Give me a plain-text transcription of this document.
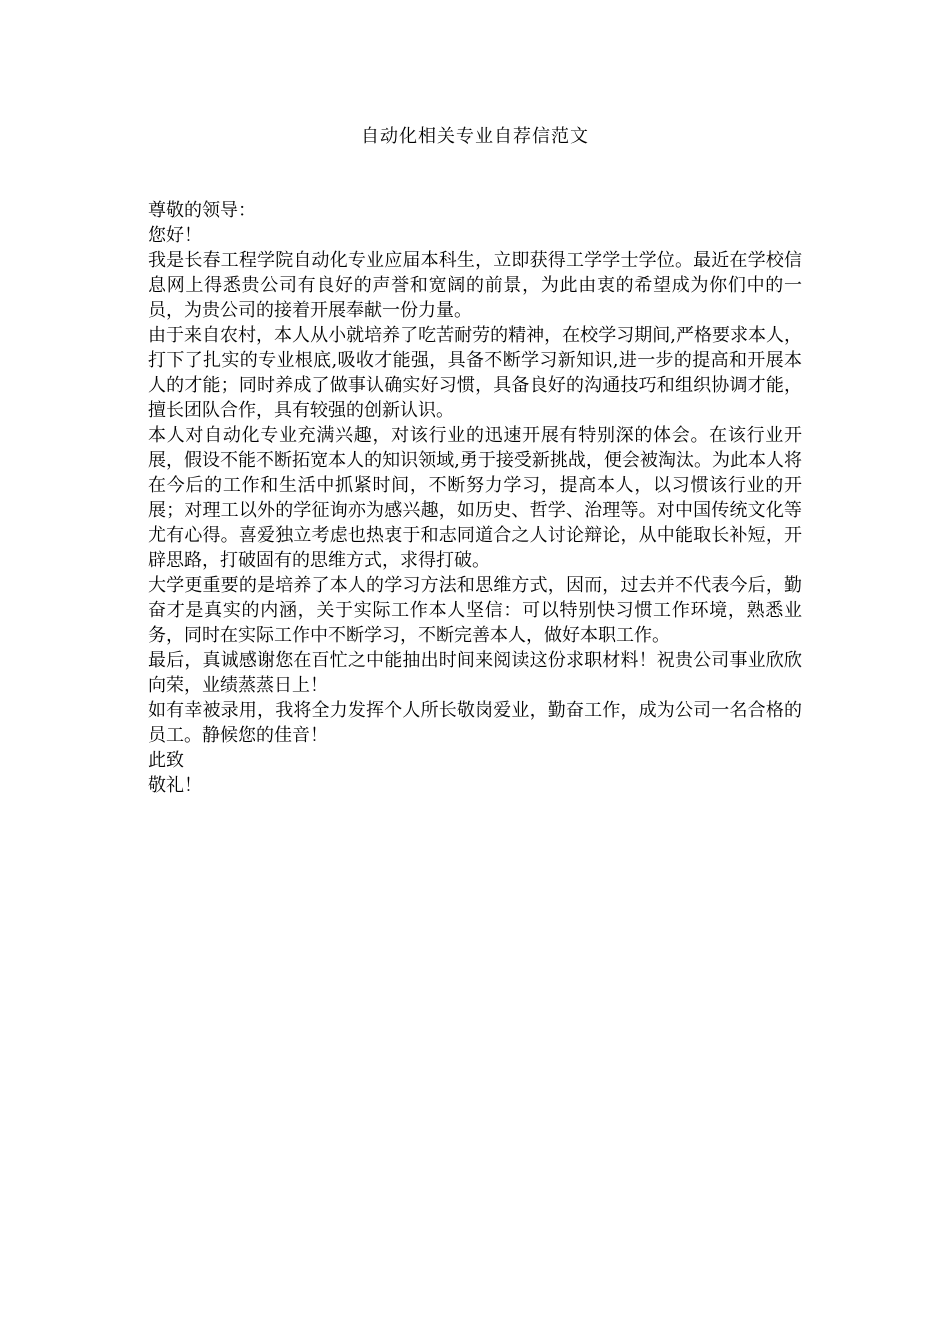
自动化相关专业自荐信范文

尊敬的领导：

您好！

我是长春工程学院自动化专业应届本科生，立即获得工学学士学位。最近在学校信息网上得悉贵公司有良好的声誉和宽阔的前景，为此由衷的希望成为你们中的一员，为贵公司的接着开展奉献一份力量。

由于来自农村，本人从小就培养了吃苦耐劳的精神，在校学习期间,严格要求本人，打下了扎实的专业根底,吸收才能强，具备不断学习新知识,进一步的提高和开展本人的才能；同时养成了做事认确实好习惯，具备良好的沟通技巧和组织协调才能，擅长团队合作，具有较强的创新认识。

本人对自动化专业充满兴趣，对该行业的迅速开展有特别深的体会。在该行业开展，假设不能不断拓宽本人的知识领域,勇于接受新挑战，便会被淘汰。为此本人将在今后的工作和生活中抓紧时间，不断努力学习，提高本人，以习惯该行业的开展；对理工以外的学征询亦为感兴趣，如历史、哲学、治理等。对中国传统文化等尤有心得。喜爱独立考虑也热衷于和志同道合之人讨论辩论，从中能取长补短，开辟思路，打破固有的思维方式，求得打破。

大学更重要的是培养了本人的学习方法和思维方式，因而，过去并不代表今后，勤奋才是真实的内涵，关于实际工作本人坚信：可以特别快习惯工作环境，熟悉业务，同时在实际工作中不断学习，不断完善本人，做好本职工作。

最后，真诚感谢您在百忙之中能抽出时间来阅读这份求职材料！祝贵公司事业欣欣向荣，业绩蒸蒸日上！

如有幸被录用，我将全力发挥个人所长敬岗爱业，勤奋工作，成为公司一名合格的员工。静候您的佳音！

此致

敬礼！
